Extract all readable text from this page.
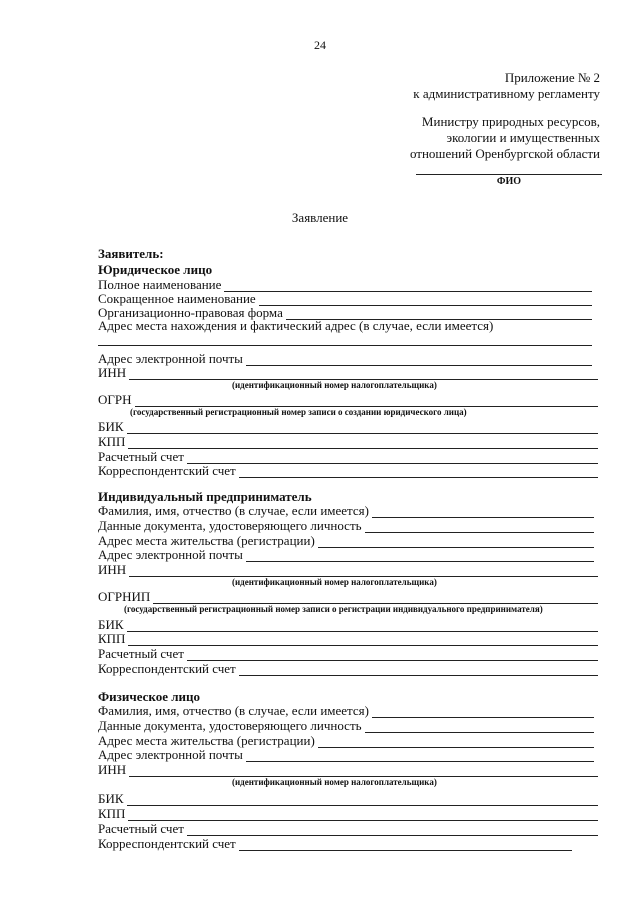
24
Приложение № 2
к административному регламенту
Министру природных ресурсов,
экологии и имущественных
отношений Оренбургской области
ФИО
Заявление
Заявитель:
Юридическое лицо
Полное наименование
Сокращенное наименование
Организационно-правовая форма
Адрес места нахождения и фактический адрес (в случае, если имеется)
Адрес электронной почты
ИНН
(идентификационный номер налогоплательщика)
ОГРН
(государственный регистрационный номер записи о создании юридического лица)
БИК
КПП
Расчетный счет
Корреспондентский счет
Индивидуальный предприниматель
Фамилия, имя, отчество (в случае, если имеется)
Данные документа, удостоверяющего личность
Адрес места жительства (регистрации)
Адрес электронной почты
ИНН
(идентификационный номер налогоплательщика)
ОГРНИП
(государственный регистрационный номер записи о регистрации индивидуального предпринимателя)
БИК
КПП
Расчетный счет
Корреспондентский счет
Физическое лицо
Фамилия, имя, отчество (в случае, если имеется)
Данные документа, удостоверяющего личность
Адрес места жительства (регистрации)
Адрес электронной почты
ИНН
(идентификационный номер налогоплательщика)
БИК
КПП
Расчетный счет
Корреспондентский счет
